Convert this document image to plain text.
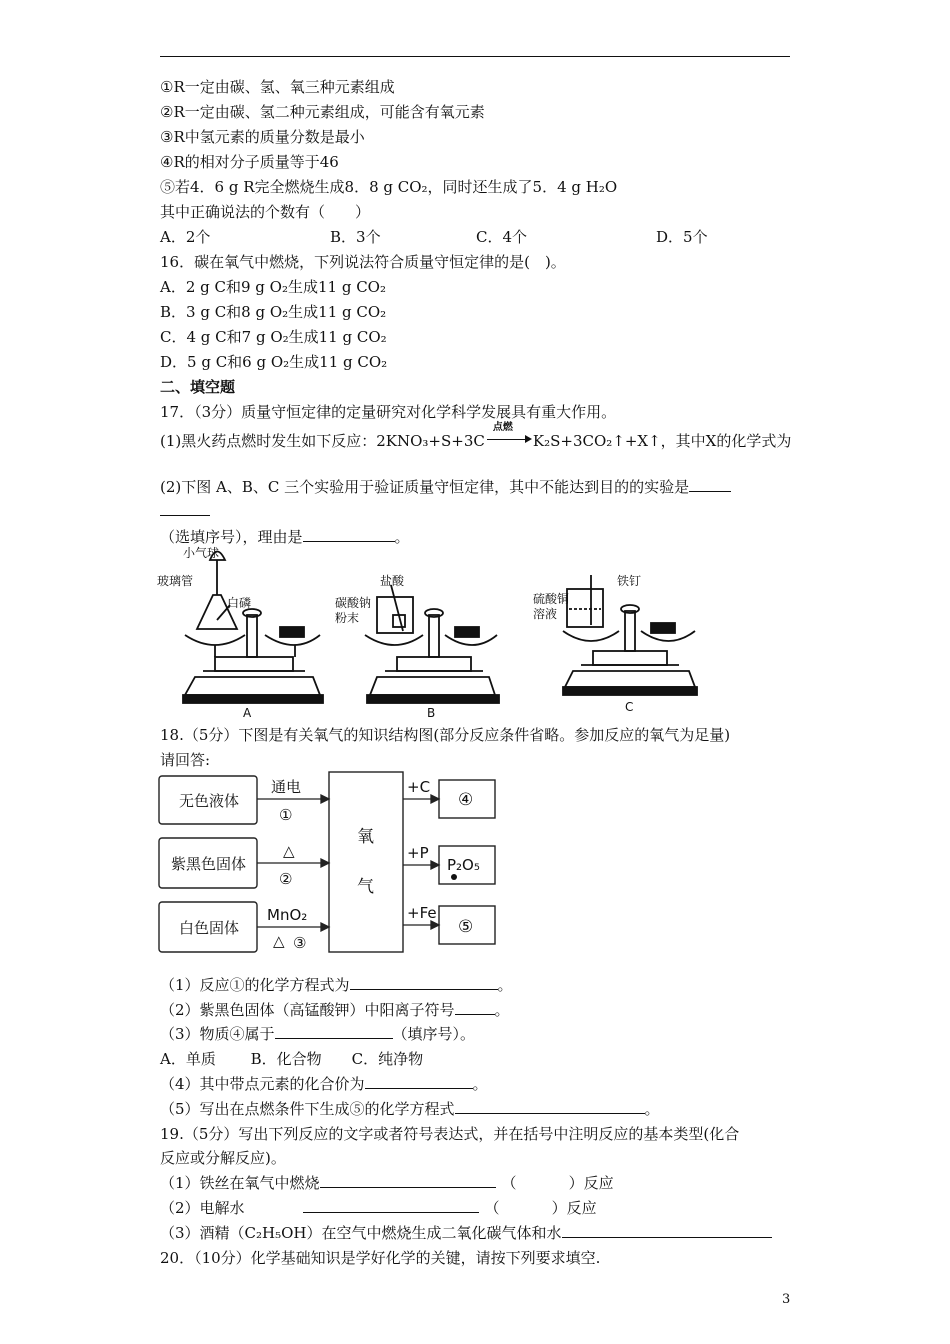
①R一定由碳、氢、氧三种元素组成
②R一定由碳、氢二种元素组成，可能含有氧元素
③R中氢元素的质量分数是最小
④R的相对分子质量等于46
⑤若4．6 g R完全燃烧生成8．8 g CO₂，同时还生成了5．4 g H₂O
其中正确说法的个数有（　　）
A．2个	B．3个	C．4个	D．5个
16．碳在氧气中燃烧，下列说法符合质量守恒定律的是(　)。
A．2 g C和9 g O₂生成11 g CO₂
B．3 g C和8 g O₂生成11 g CO₂
C．4 g C和7 g O₂生成11 g CO₂
D．5 g C和6 g O₂生成11 g CO₂
二、填空题
17．（3分）质量守恒定律的定量研究对化学科学发展具有重大作用。
(1)黑火药点燃时发生如下反应：2KNO₃+S+3C
点燃
K₂S+3CO₂↑+X↑，其中X的化学式为
(2)下图 A、B、C 三个实验用于验证质量守恒定律，其中不能达到目的的实验是
（选填序号），理由是	。
小气球
玻璃管
白磷
盐酸
碳酸钠
粉末
硫酸铜
溶液
铁钉
A	B	C
18.（5分）下图是有关氧气的知识结构图(部分反应条件省略。参加反应的氧气为足量)
请回答:
无色液体
紫黑色固体
白色固体
通电
①
△
②
MnO₂
△ ③
氧
气
+C
+P
+Fe
④
P₂O₅
⑤
（1）反应①的化学方程式为	。
（2）紫黑色固体（高锰酸钾）中阳离子符号	。
（3）物质④属于	（填序号）。
A．单质　　 B．化合物　　C．纯净物
（4）其中带点元素的化合价为	。
（5）写出在点燃条件下生成⑤的化学方程式	。
19.（5分）写出下列反应的文字或者符号表达式，并在括号中注明反应的基本类型(化合
反应或分解反应)。
（1）铁丝在氧气中燃烧	（	）反应
（2）电解水	（	）反应
（3）酒精（C₂H₅OH）在空气中燃烧生成二氧化碳气体和水
20．（10分）化学基础知识是学好化学的关键，请按下列要求填空.
3
